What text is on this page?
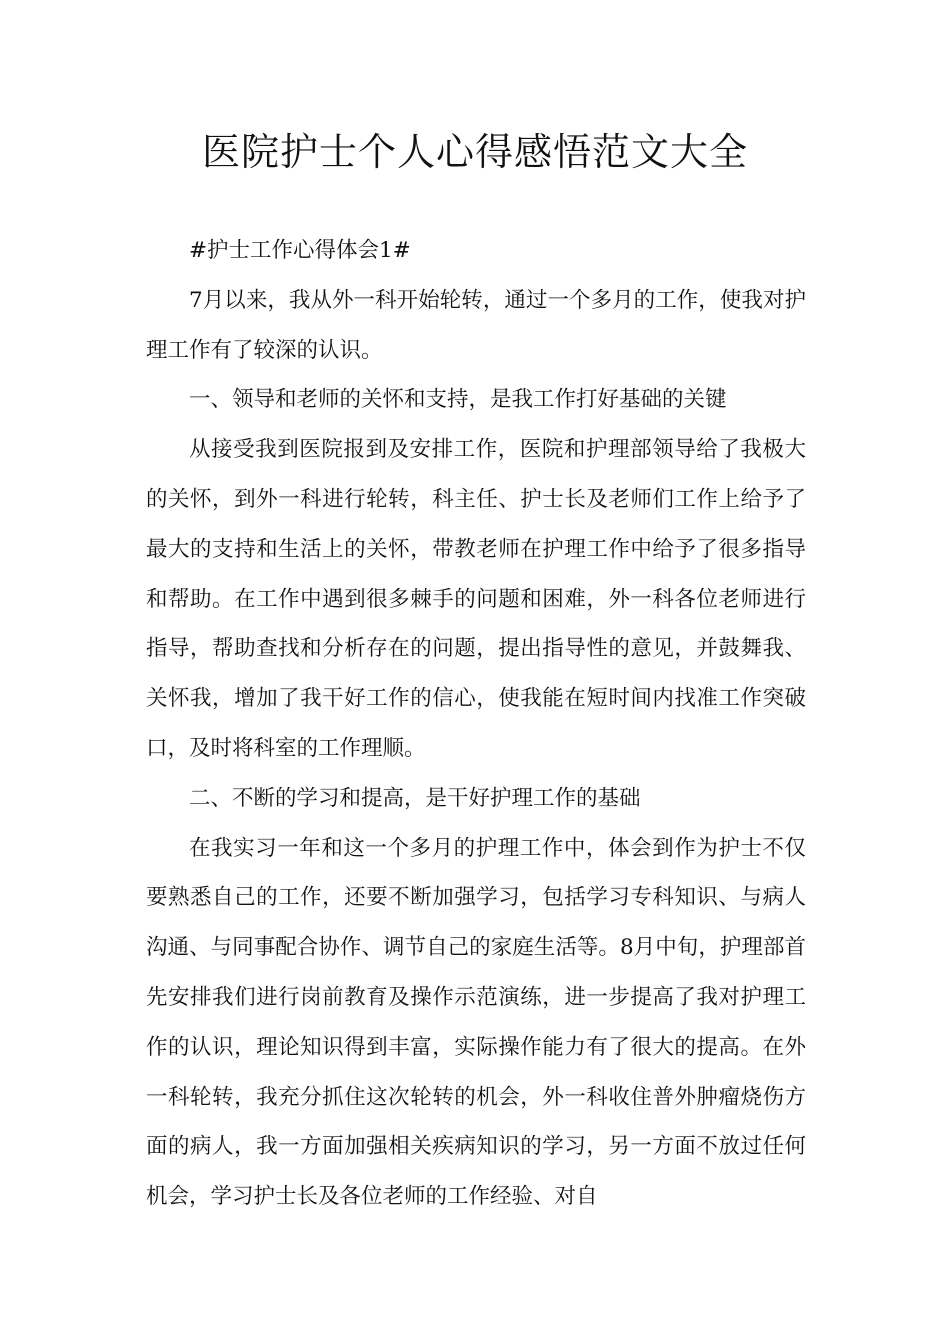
医院护士个人心得感悟范文大全

#护士工作心得体会1#

7月以来，我从外一科开始轮转，通过一个多月的工作，使我对护理工作有了较深的认识。

一、领导和老师的关怀和支持，是我工作打好基础的关键

从接受我到医院报到及安排工作，医院和护理部领导给了我极大的关怀，到外一科进行轮转，科主任、护士长及老师们工作上给予了最大的支持和生活上的关怀，带教老师在护理工作中给予了很多指导和帮助。在工作中遇到很多棘手的问题和困难，外一科各位老师进行指导，帮助查找和分析存在的问题，提出指导性的意见，并鼓舞我、关怀我，增加了我干好工作的信心，使我能在短时间内找准工作突破口，及时将科室的工作理顺。

二、不断的学习和提高，是干好护理工作的基础

在我实习一年和这一个多月的护理工作中，体会到作为护士不仅要熟悉自己的工作，还要不断加强学习，包括学习专科知识、与病人沟通、与同事配合协作、调节自己的家庭生活等。8月中旬，护理部首先安排我们进行岗前教育及操作示范演练，进一步提高了我对护理工作的认识，理论知识得到丰富，实际操作能力有了很大的提高。在外一科轮转，我充分抓住这次轮转的机会，外一科收住普外肿瘤烧伤方面的病人，我一方面加强相关疾病知识的学习，另一方面不放过任何机会，学习护士长及各位老师的工作经验、对自
